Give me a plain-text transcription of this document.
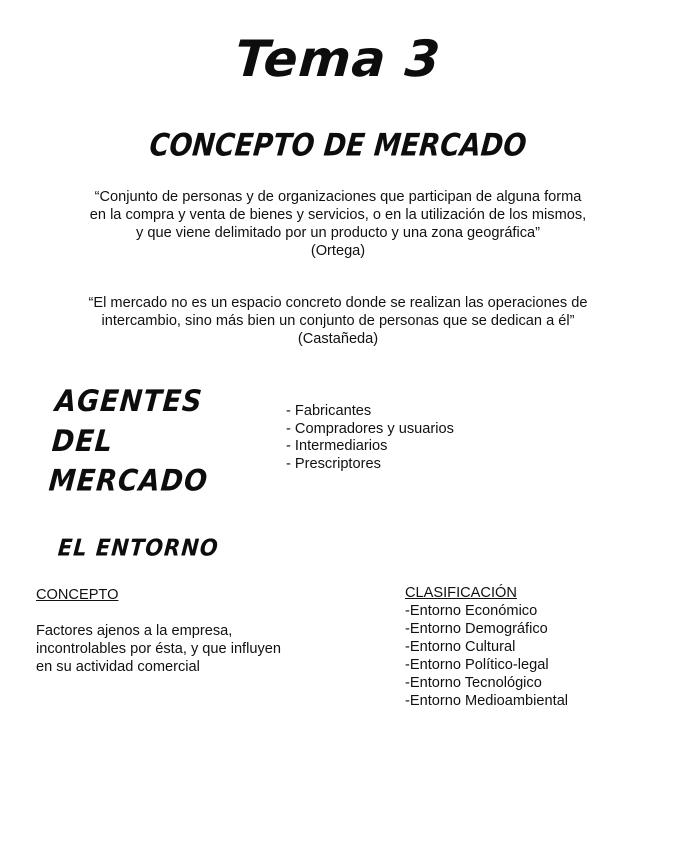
Tema 3
CONCEPTO DE MERCADO

“Conjunto de personas y de organizaciones que participan de alguna forma
en la compra y venta de bienes y servicios, o en la utilización de los mismos,
y que viene delimitado por un producto y una zona geográfica”
(Ortega)

“El mercado no es un espacio concreto donde se realizan las operaciones de
intercambio, sino más bien un conjunto de personas que se dedican a él”
(Castañeda)

AGENTES
DEL
MERCADO
- Fabricantes
- Compradores y usuarios
- Intermediarios
- Prescriptores
EL ENTORNO
CONCEPTO
Factores ajenos a la empresa,
incontrolables por ésta, y que influyen
en su actividad comercial
CLASIFICACIÓN
-Entorno Económico
-Entorno Demográfico
-Entorno Cultural
-Entorno Político-legal
-Entorno Tecnológico
-Entorno Medioambiental
